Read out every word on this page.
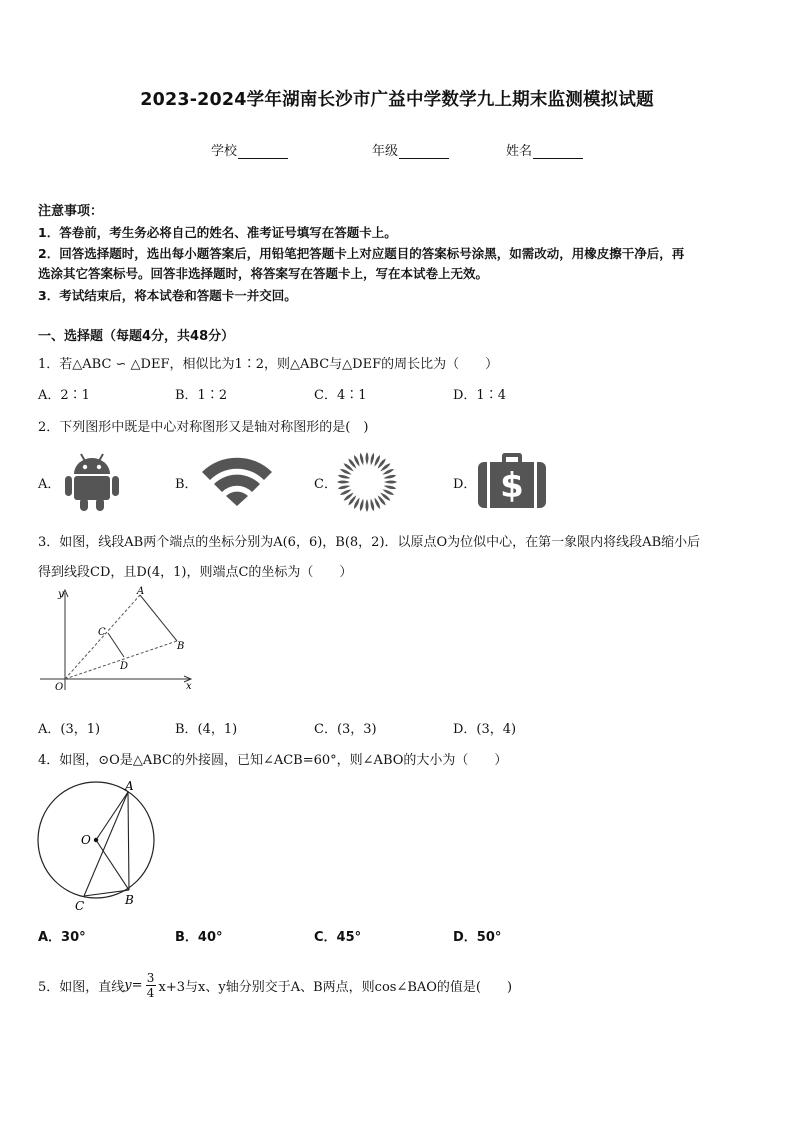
2023-2024学年湖南长沙市广益中学数学九上期末监测模拟试题
学校	年级	姓名
注意事项：
1．答卷前，考生务必将自己的姓名、准考证号填写在答题卡上。
2．回答选择题时，选出每小题答案后，用铅笔把答题卡上对应题目的答案标号涂黑，如需改动，用橡皮擦干净后，再
选涂其它答案标号。回答非选择题时，将答案写在答题卡上，写在本试卷上无效。
3．考试结束后，将本试卷和答题卡一并交回。
一、选择题（每题4分，共48分）
1．若△ABC ∽ △DEF，相似比为1∶2，则△ABC与△DEF的周长比为（　　）
A．2∶1	B．1∶2	C．4∶1	D．1∶4
2．下列图形中既是中心对称图形又是轴对称图形的是(　)
A．	B．	C．	D． $
3．如图，线段AB两个端点的坐标分别为A(6，6)，B(8，2)．以原点O为位似中心，在第一象限内将线段AB缩小后
得到线段CD，且D(4，1)，则端点C的坐标为（　　）
y
x
O
A
B
C
D
A．(3，1)	B．(4，1)	C．(3，3)	D．(3，4)
4．如图，⊙O是△ABC的外接圆，已知∠ACB=60°，则∠ABO的大小为（　　）
A
O
B
C
A．30°	B．40°	C．45°	D．50°
5．如图，直线 y = 3
4 x+3与x、y轴分别交于A、B两点，则cos∠BAO的值是(　　)
